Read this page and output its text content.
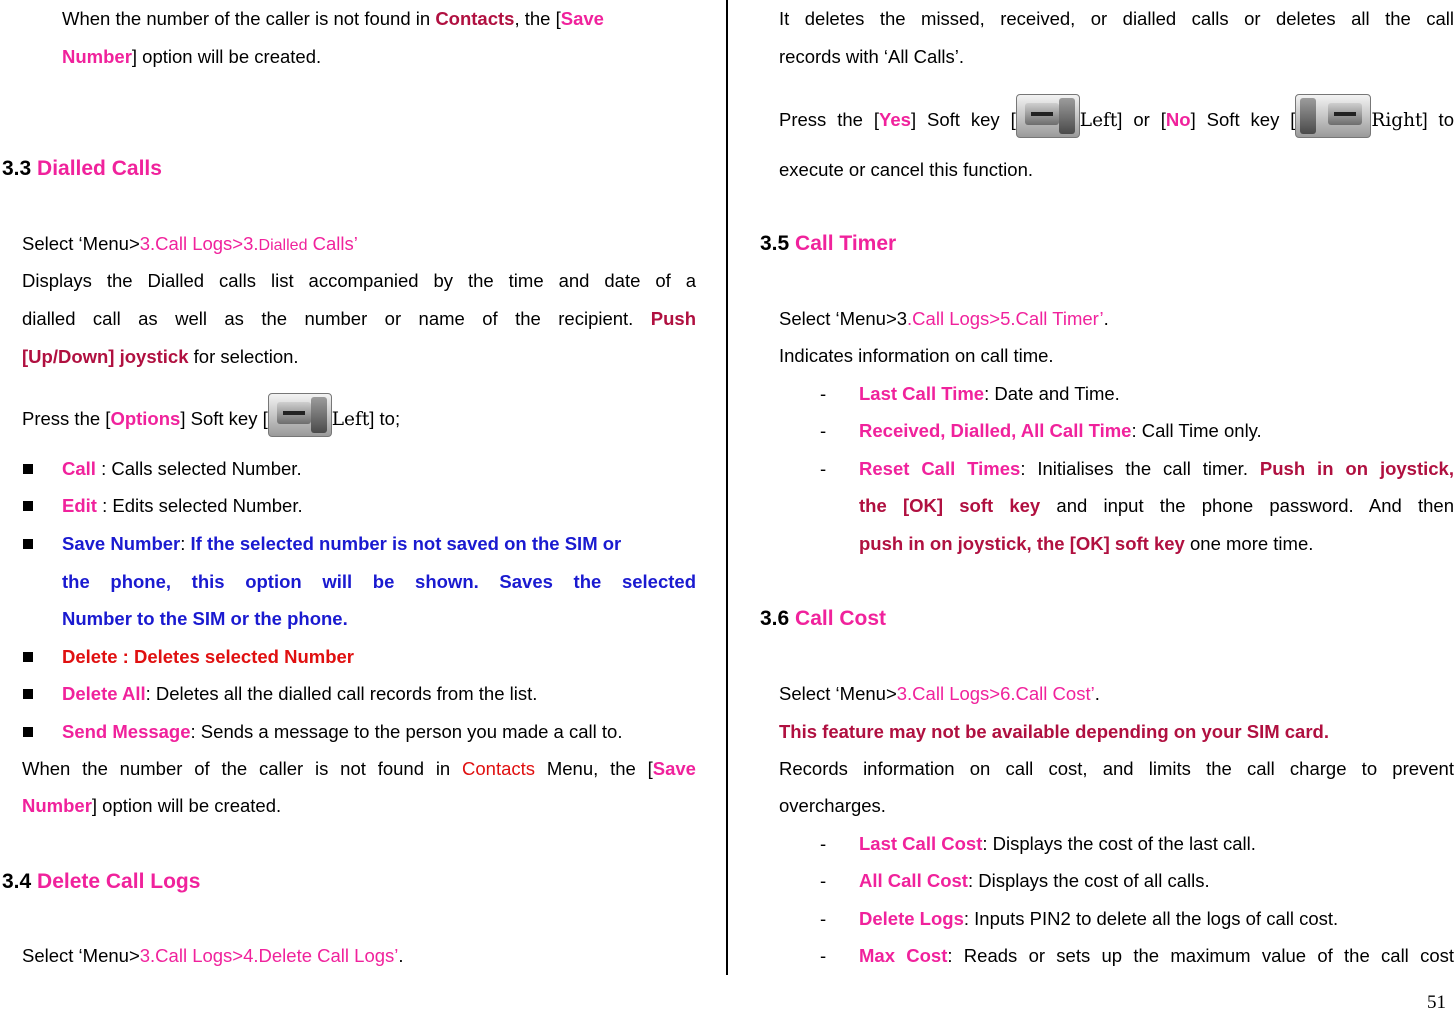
When the number of the caller is not found in Contacts, the [Save
Number] option will be created.
3.3 Dialled Calls
Select ‘Menu>3.Call Logs>3.Dialled Calls’
Displays the Dialled calls list accompanied by the time and date of a
dialled call as well as the number or name of the recipient. Push
[Up/Down] joystick for selection.
Press the [Options] Soft key [	Left] to;
Call : Calls selected Number.
Edit : Edits selected Number.
Save Number: If the selected number is not saved on the SIM or
the phone, this option will be shown. Saves the selected
Number to the SIM or the phone.
Delete : Deletes selected Number
Delete All: Deletes all the dialled call records from the list.
Send Message: Sends a message to the person you made a call to.
When the number of the caller is not found in Contacts Menu, the [Save
Number] option will be created.
3.4 Delete Call Logs
Select ‘Menu>3.Call Logs>4.Delete Call Logs’.
It deletes the missed, received, or dialled calls or deletes all the call
records with ‘All Calls’.
Press the [Yes] Soft key [	Left] or [No] Soft key [	Right] to
execute or cancel this function.
3.5 Call Timer
Select ‘Menu>3.Call Logs>5.Call Timer’.
Indicates information on call time.
- Last Call Time: Date and Time.
- Received, Dialled, All Call Time: Call Time only.
- Reset Call Times: Initialises the call timer. Push in on joystick,
the [OK] soft key and input the phone password. And then
push in on joystick, the [OK] soft key one more time.
3.6 Call Cost
Select ‘Menu>3.Call Logs>6.Call Cost’.
This feature may not be available depending on your SIM card.
Records information on call cost, and limits the call charge to prevent
overcharges.
- Last Call Cost: Displays the cost of the last call.
- All Call Cost: Displays the cost of all calls.
- Delete Logs: Inputs PIN2 to delete all the logs of call cost.
- Max Cost: Reads or sets up the maximum value of the call cost
51
